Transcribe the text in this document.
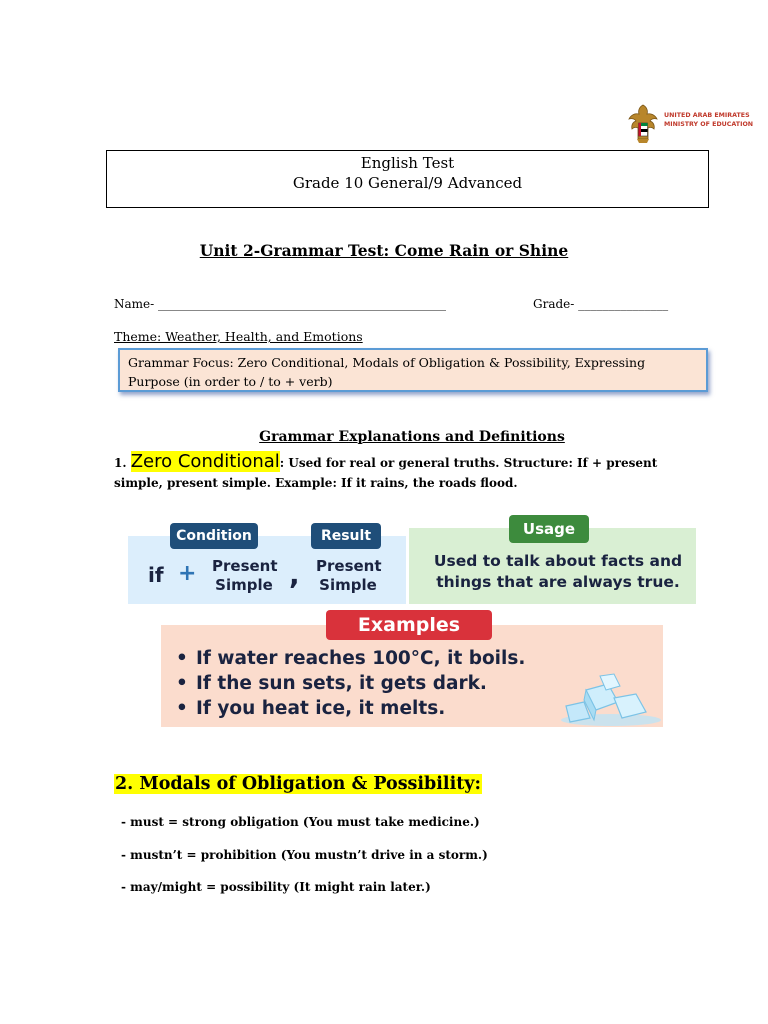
UNITED ARAB EMIRATES
MINISTRY OF EDUCATION
English Test
Grade 10 General/9 Advanced
Unit 2-Grammar Test: Come Rain or Shine
Name- ________________________________________________	Grade- _______________
Theme: Weather, Health, and Emotions
Grammar Focus: Zero Conditional, Modals of Obligation & Possibility, Expressing Purpose (in order to / to + verb)
Grammar Explanations and Definitions
1. Zero Conditional: Used for real or general truths. Structure: If + present simple, present simple. Example: If it rains, the roads flood.
Condition	Result	Usage
if + Present
Simple , Present
Simple
Used to talk about facts and things that are always true.
Examples
• If water reaches 100°C, it boils.
• If the sun sets, it gets dark.
• If you heat ice, it melts.
2. Modals of Obligation & Possibility:
- must = strong obligation (You must take medicine.)
- mustn’t = prohibition (You mustn’t drive in a storm.)
- may/might = possibility (It might rain later.)
